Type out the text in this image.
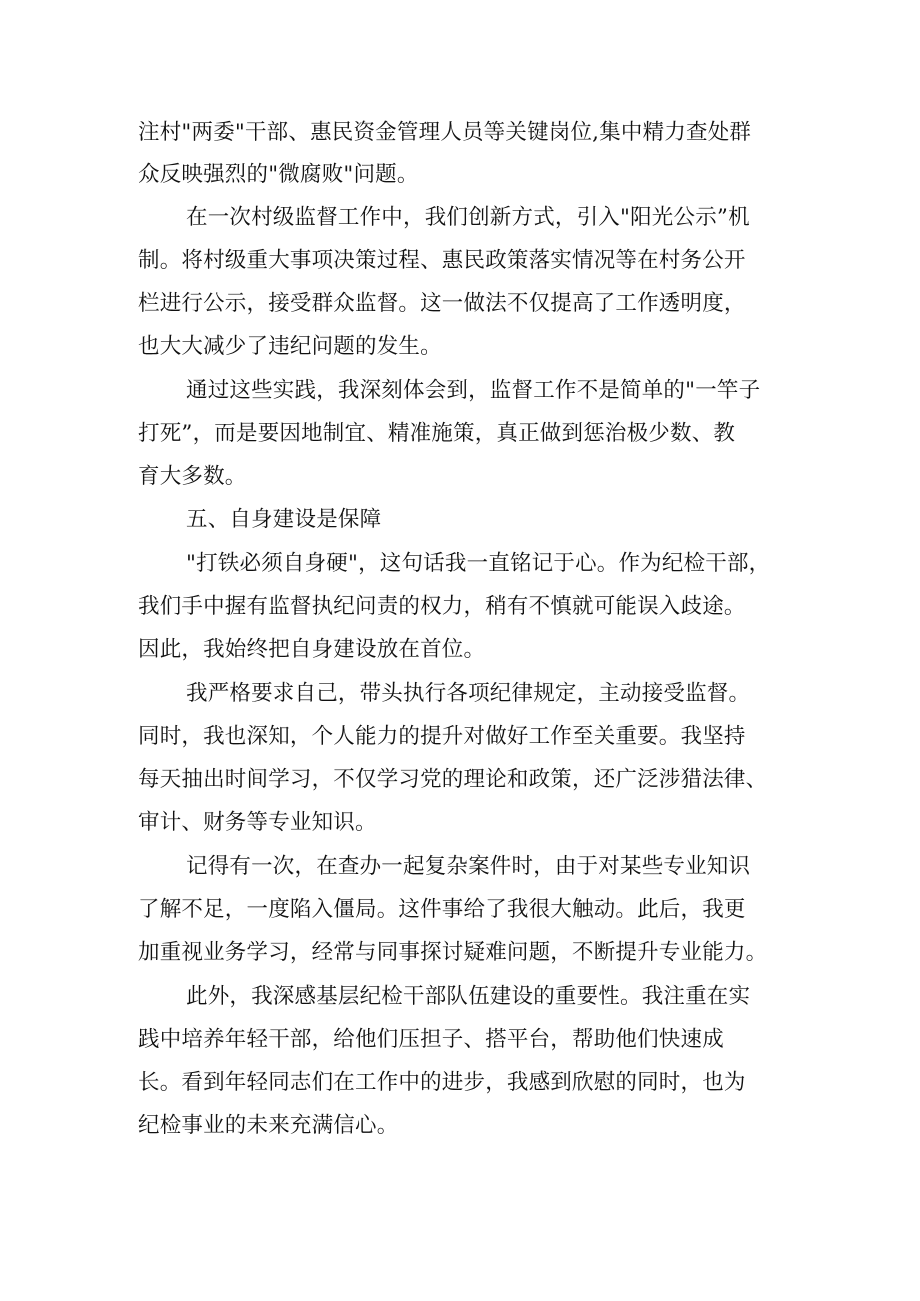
注村"两委"干部、惠民资金管理人员等关键岗位,集中精力查处群
众反映强烈的"微腐败"问题。
在一次村级监督工作中，我们创新方式，引入"阳光公示”机
制。将村级重大事项决策过程、惠民政策落实情况等在村务公开
栏进行公示，接受群众监督。这一做法不仅提高了工作透明度，
也大大减少了违纪问题的发生。
通过这些实践，我深刻体会到，监督工作不是简单的"一竿子
打死”，而是要因地制宜、精准施策，真正做到惩治极少数、教
育大多数。
五、自身建设是保障
"打铁必须自身硬"，这句话我一直铭记于心。作为纪检干部，
我们手中握有监督执纪问责的权力，稍有不慎就可能误入歧途。
因此，我始终把自身建设放在首位。
我严格要求自己，带头执行各项纪律规定，主动接受监督。
同时，我也深知，个人能力的提升对做好工作至关重要。我坚持
每天抽出时间学习，不仅学习党的理论和政策，还广泛涉猎法律、
审计、财务等专业知识。
记得有一次，在查办一起复杂案件时，由于对某些专业知识
了解不足，一度陷入僵局。这件事给了我很大触动。此后，我更
加重视业务学习，经常与同事探讨疑难问题，不断提升专业能力。
此外，我深感基层纪检干部队伍建设的重要性。我注重在实
践中培养年轻干部，给他们压担子、搭平台，帮助他们快速成
长。看到年轻同志们在工作中的进步，我感到欣慰的同时，也为
纪检事业的未来充满信心。
